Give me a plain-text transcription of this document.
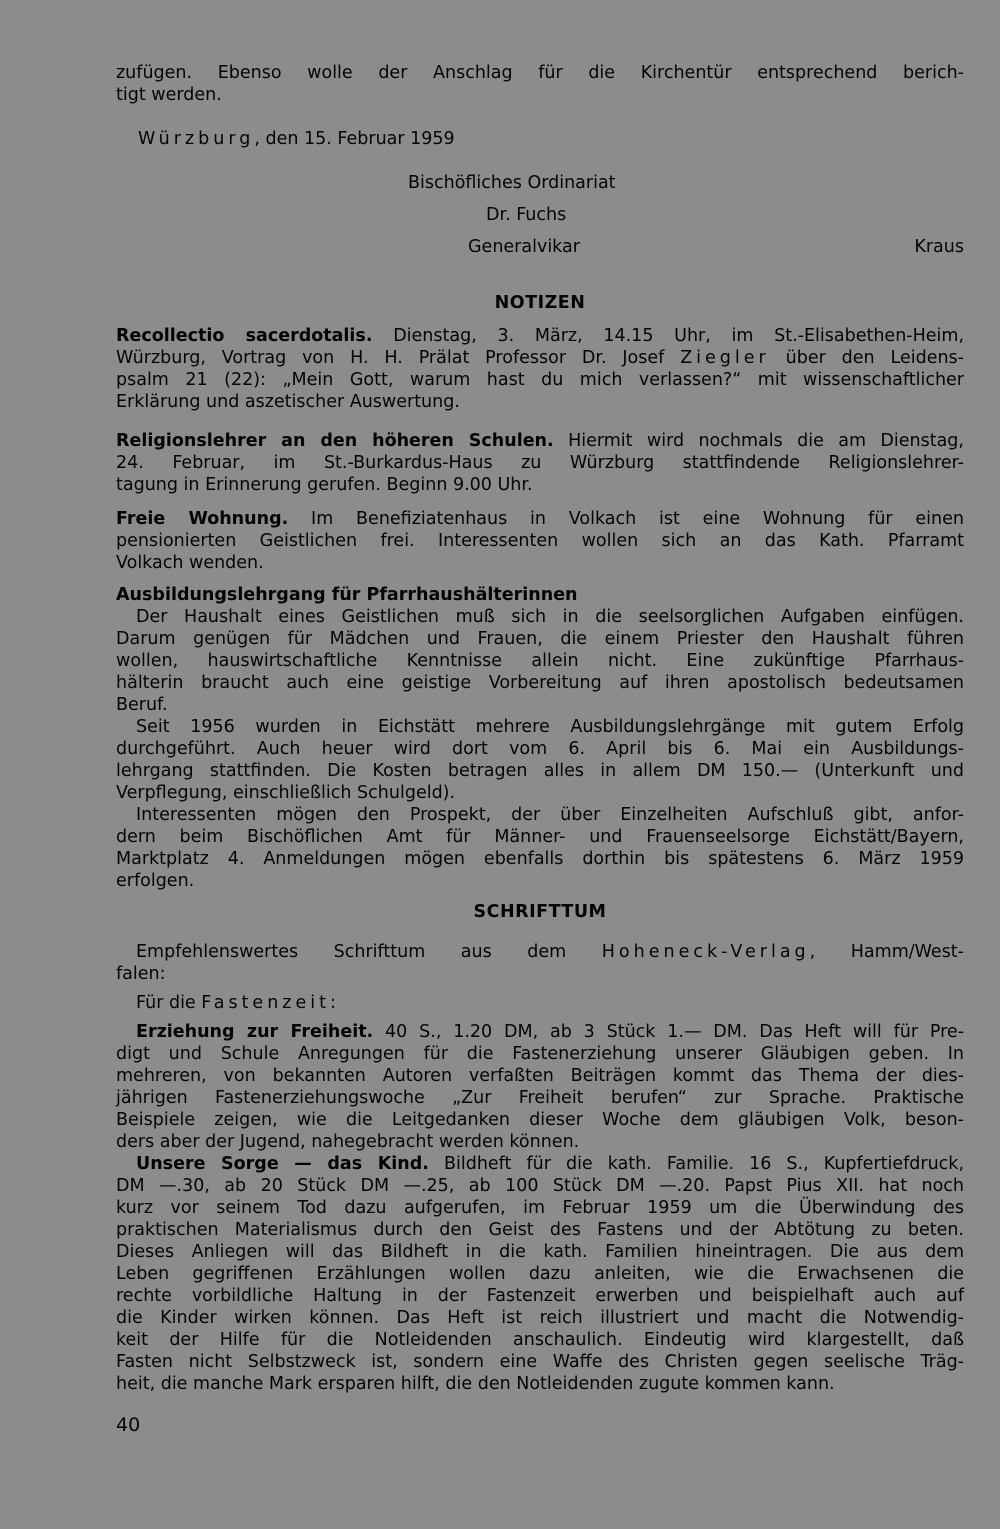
zufügen. Ebenso wolle der Anschlag für die Kirchentür entsprechend berich-
tigt werden.
Würzburg, den 15. Februar 1959
Bischöfliches Ordinariat
Dr. Fuchs
Generalvikar	Kraus
NOTIZEN
Recollectio sacerdotalis. Dienstag, 3. März, 14.15 Uhr, im St.-Elisabethen-Heim,
Würzburg, Vortrag von H. H. Prälat Professor Dr. Josef Ziegler über den Leidens-
psalm 21 (22): „Mein Gott, warum hast du mich verlassen?“ mit wissenschaftlicher
Erklärung und aszetischer Auswertung.
Religionslehrer an den höheren Schulen. Hiermit wird nochmals die am Dienstag,
24. Februar, im St.-Burkardus-Haus zu Würzburg stattfindende Religionslehrer-
tagung in Erinnerung gerufen. Beginn 9.00 Uhr.
Freie Wohnung. Im Benefiziatenhaus in Volkach ist eine Wohnung für einen
pensionierten Geistlichen frei. Interessenten wollen sich an das Kath. Pfarramt
Volkach wenden.
Ausbildungslehrgang für Pfarrhaushälterinnen
Der Haushalt eines Geistlichen muß sich in die seelsorglichen Aufgaben einfügen.
Darum genügen für Mädchen und Frauen, die einem Priester den Haushalt führen
wollen, hauswirtschaftliche Kenntnisse allein nicht. Eine zukünftige Pfarrhaus-
hälterin braucht auch eine geistige Vorbereitung auf ihren apostolisch bedeutsamen
Beruf.
Seit 1956 wurden in Eichstätt mehrere Ausbildungslehrgänge mit gutem Erfolg
durchgeführt. Auch heuer wird dort vom 6. April bis 6. Mai ein Ausbildungs-
lehrgang stattfinden. Die Kosten betragen alles in allem DM 150.— (Unterkunft und
Verpflegung, einschließlich Schulgeld).
Interessenten mögen den Prospekt, der über Einzelheiten Aufschluß gibt, anfor-
dern beim Bischöflichen Amt für Männer- und Frauenseelsorge Eichstätt/Bayern,
Marktplatz 4. Anmeldungen mögen ebenfalls dorthin bis spätestens 6. März 1959
erfolgen.
SCHRIFTTUM
Empfehlenswertes Schrifttum aus dem Hoheneck-Verlag, Hamm/West-
falen:
Für die Fastenzeit:
Erziehung zur Freiheit. 40 S., 1.20 DM, ab 3 Stück 1.— DM. Das Heft will für Pre-
digt und Schule Anregungen für die Fastenerziehung unserer Gläubigen geben. In
mehreren, von bekannten Autoren verfaßten Beiträgen kommt das Thema der dies-
jährigen Fastenerziehungswoche „Zur Freiheit berufen“ zur Sprache. Praktische
Beispiele zeigen, wie die Leitgedanken dieser Woche dem gläubigen Volk, beson-
ders aber der Jugend, nahegebracht werden können.
Unsere Sorge — das Kind. Bildheft für die kath. Familie. 16 S., Kupfertiefdruck,
DM —.30, ab 20 Stück DM —.25, ab 100 Stück DM —.20. Papst Pius XII. hat noch
kurz vor seinem Tod dazu aufgerufen, im Februar 1959 um die Überwindung des
praktischen Materialismus durch den Geist des Fastens und der Abtötung zu beten.
Dieses Anliegen will das Bildheft in die kath. Familien hineintragen. Die aus dem
Leben gegriffenen Erzählungen wollen dazu anleiten, wie die Erwachsenen die
rechte vorbildliche Haltung in der Fastenzeit erwerben und beispielhaft auch auf
die Kinder wirken können. Das Heft ist reich illustriert und macht die Notwendig-
keit der Hilfe für die Notleidenden anschaulich. Eindeutig wird klargestellt, daß
Fasten nicht Selbstzweck ist, sondern eine Waffe des Christen gegen seelische Träg-
heit, die manche Mark ersparen hilft, die den Notleidenden zugute kommen kann.
40
